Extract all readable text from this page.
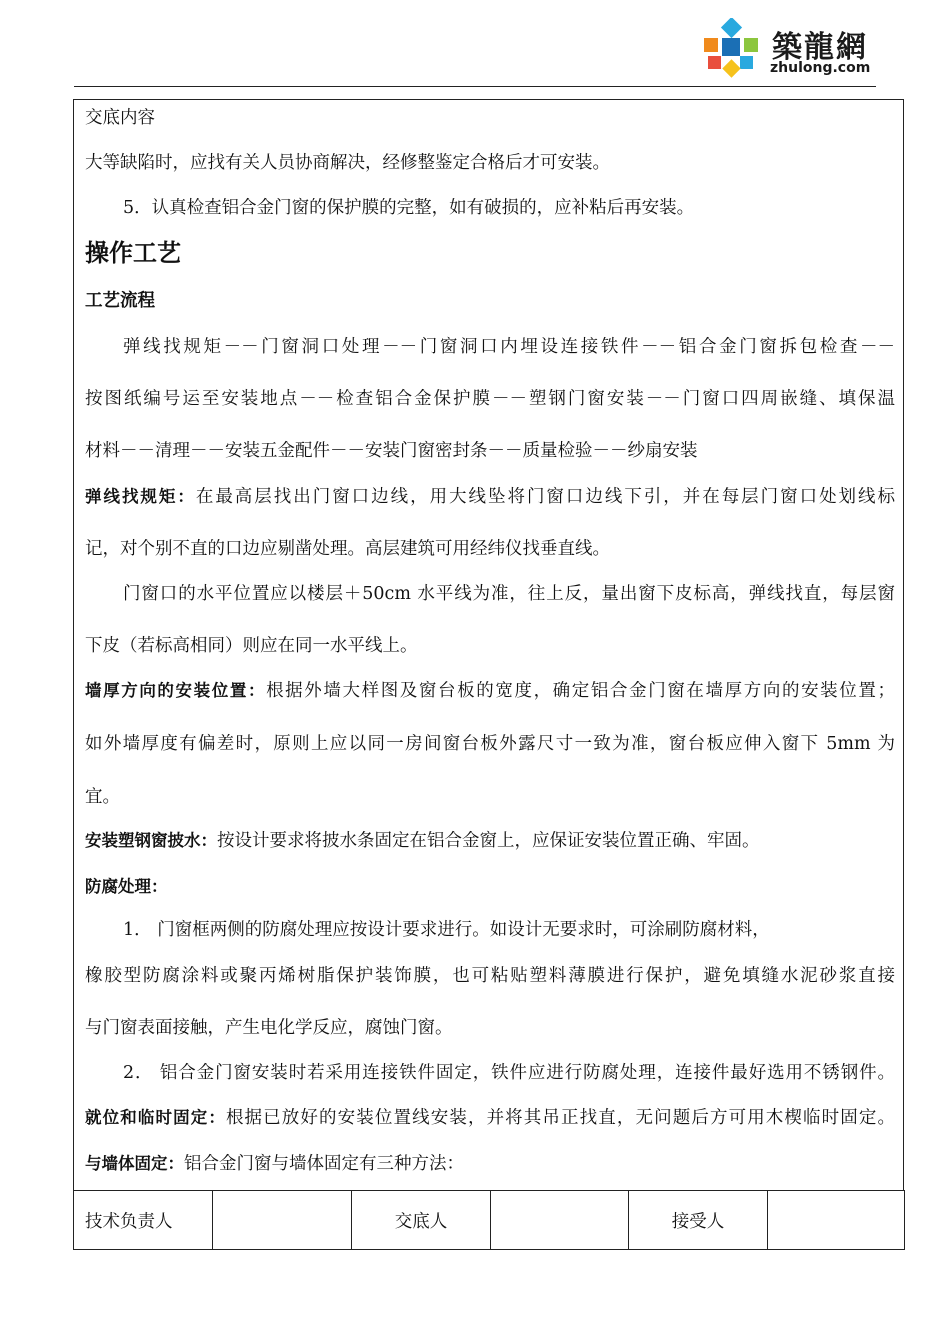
築龍網
zhulong.com
交底内容
大等缺陷时，应找有关人员协商解决，经修整鉴定合格后才可安装。
5．认真检查铝合金门窗的保护膜的完整，如有破损的，应补粘后再安装。
操作工艺
工艺流程
弹线找规矩－－门窗洞口处理－－门窗洞口内埋设连接铁件－－铝合金门窗拆包检查－－
按图纸编号运至安装地点－－检查铝合金保护膜－－塑钢门窗安装－－门窗口四周嵌缝、填保温
材料－－清理－－安装五金配件－－安装门窗密封条－－质量检验－－纱扇安装
弹线找规矩：在最高层找出门窗口边线，用大线坠将门窗口边线下引，并在每层门窗口处划线标
记，对个别不直的口边应剔凿处理。高层建筑可用经纬仪找垂直线。
门窗口的水平位置应以楼层＋50cm 水平线为准，往上反，量出窗下皮标高，弹线找直，每层窗
下皮（若标高相同）则应在同一水平线上。
墙厚方向的安装位置：根据外墙大样图及窗台板的宽度，确定铝合金门窗在墙厚方向的安装位置；
如外墙厚度有偏差时，原则上应以同一房间窗台板外露尺寸一致为准，窗台板应伸入窗下 5mm 为
宜。
安装塑钢窗披水：按设计要求将披水条固定在铝合金窗上，应保证安装位置正确、牢固。
防腐处理：
1． 门窗框两侧的防腐处理应按设计要求进行。如设计无要求时，可涂刷防腐材料，
橡胶型防腐涂料或聚丙烯树脂保护装饰膜，也可粘贴塑料薄膜进行保护，避免填缝水泥砂浆直接
与门窗表面接触，产生电化学反应，腐蚀门窗。
2． 铝合金门窗安装时若采用连接铁件固定，铁件应进行防腐处理，连接件最好选用不锈钢件。
就位和临时固定：根据已放好的安装位置线安装，并将其吊正找直，无问题后方可用木楔临时固定。
与墙体固定：铝合金门窗与墙体固定有三种方法：
技术负责人	交底人	接受人
